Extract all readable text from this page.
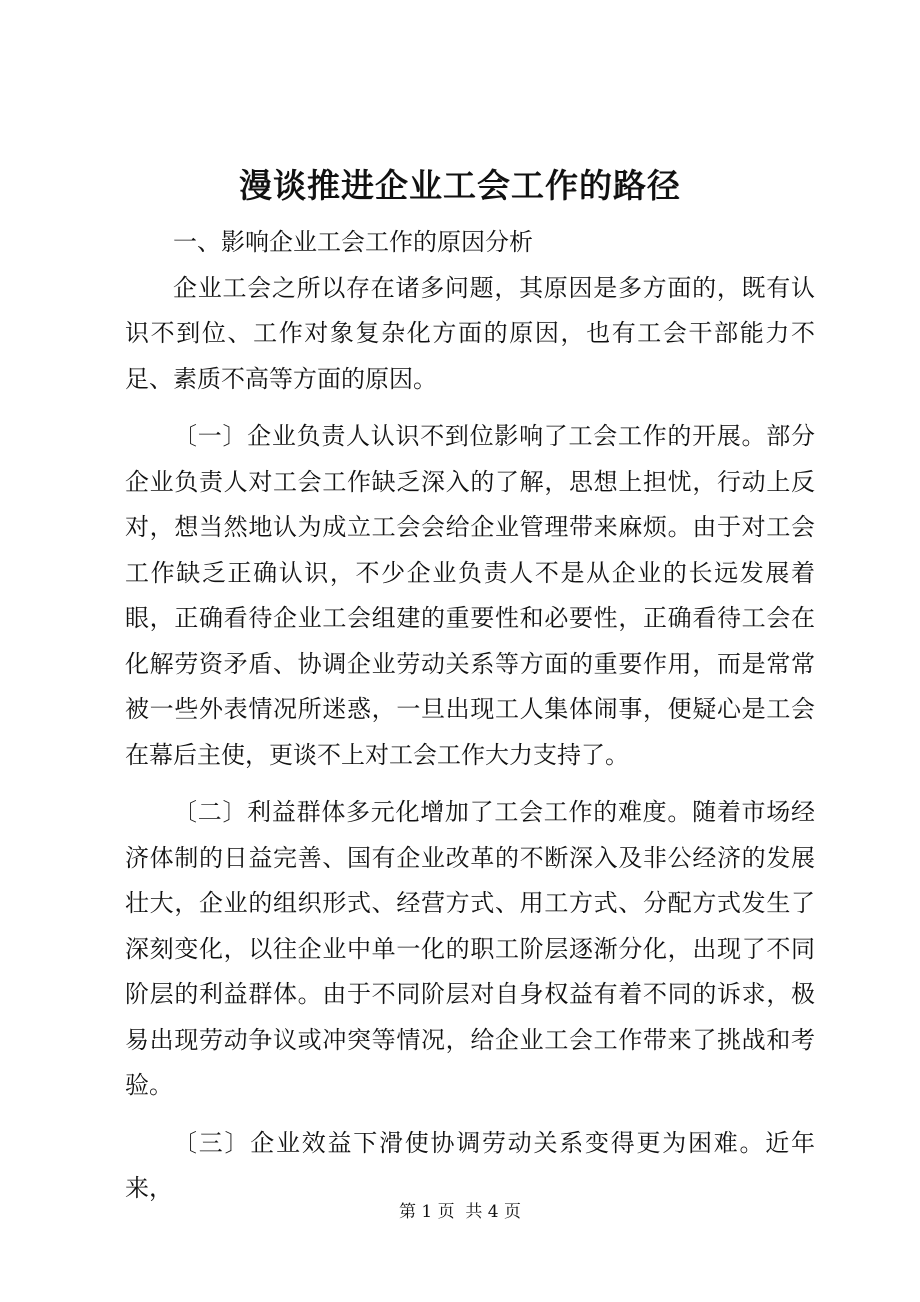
漫谈推进企业工会工作的路径

一、影响企业工会工作的原因分析

企业工会之所以存在诸多问题，其原因是多方面的，既有认识不到位、工作对象复杂化方面的原因，也有工会干部能力不足、素质不高等方面的原因。

〔一〕企业负责人认识不到位影响了工会工作的开展。部分企业负责人对工会工作缺乏深入的了解，思想上担忧，行动上反对，想当然地认为成立工会会给企业管理带来麻烦。由于对工会工作缺乏正确认识，不少企业负责人不是从企业的长远发展着眼，正确看待企业工会组建的重要性和必要性，正确看待工会在化解劳资矛盾、协调企业劳动关系等方面的重要作用，而是常常被一些外表情况所迷惑，一旦出现工人集体闹事，便疑心是工会在幕后主使，更谈不上对工会工作大力支持了。

〔二〕利益群体多元化增加了工会工作的难度。随着市场经济体制的日益完善、国有企业改革的不断深入及非公经济的发展壮大，企业的组织形式、经营方式、用工方式、分配方式发生了深刻变化，以往企业中单一化的职工阶层逐渐分化，出现了不同阶层的利益群体。由于不同阶层对自身权益有着不同的诉求，极易出现劳动争议或冲突等情况，给企业工会工作带来了挑战和考验。

〔三〕企业效益下滑使协调劳动关系变得更为困难。近年来，

第 1 页  共 4 页
